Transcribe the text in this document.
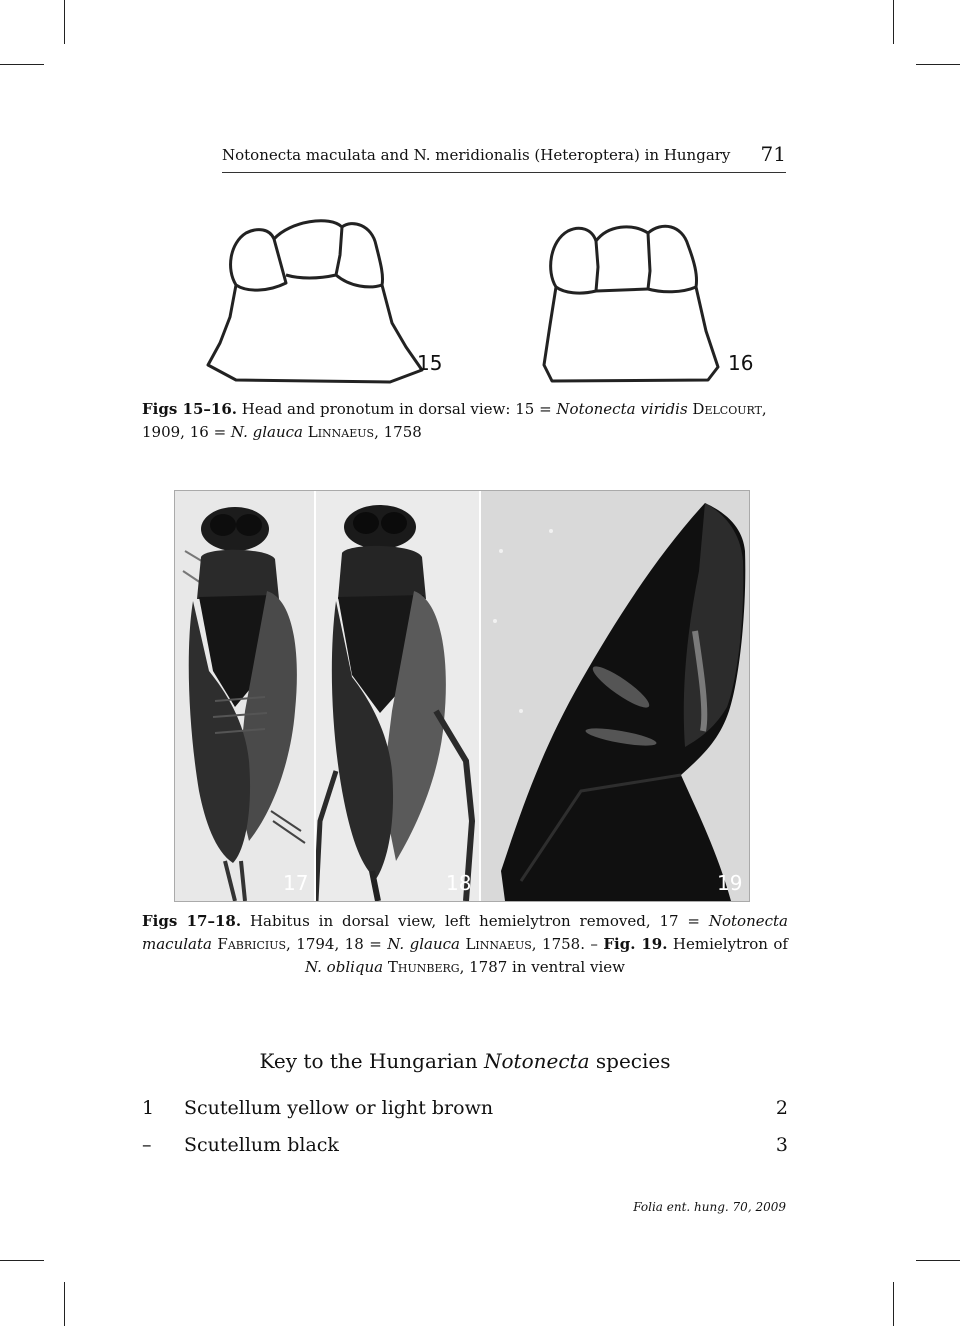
Notonecta maculata and N. meridionalis (Heteroptera) in Hungary 71
15	16
Figs 15–16. Head and pronotum in dorsal view: 15 = Notonecta viridis Delcourt, 1909, 16 = N. glauca Linnaeus, 1758
17	18	19
Figs 17–18. Habitus in dorsal view, left hemielytron removed, 17 = Notonecta maculata Fabricius, 1794, 18 = N. glauca Linnaeus, 1758. – Fig. 19. Hemielytron of N. obliqua Thunberg, 1787 in ventral view
Key to the Hungarian Notonecta species
1 Scutellum yellow or light brown	2
– Scutellum black	3
Folia ent. hung. 70, 2009
